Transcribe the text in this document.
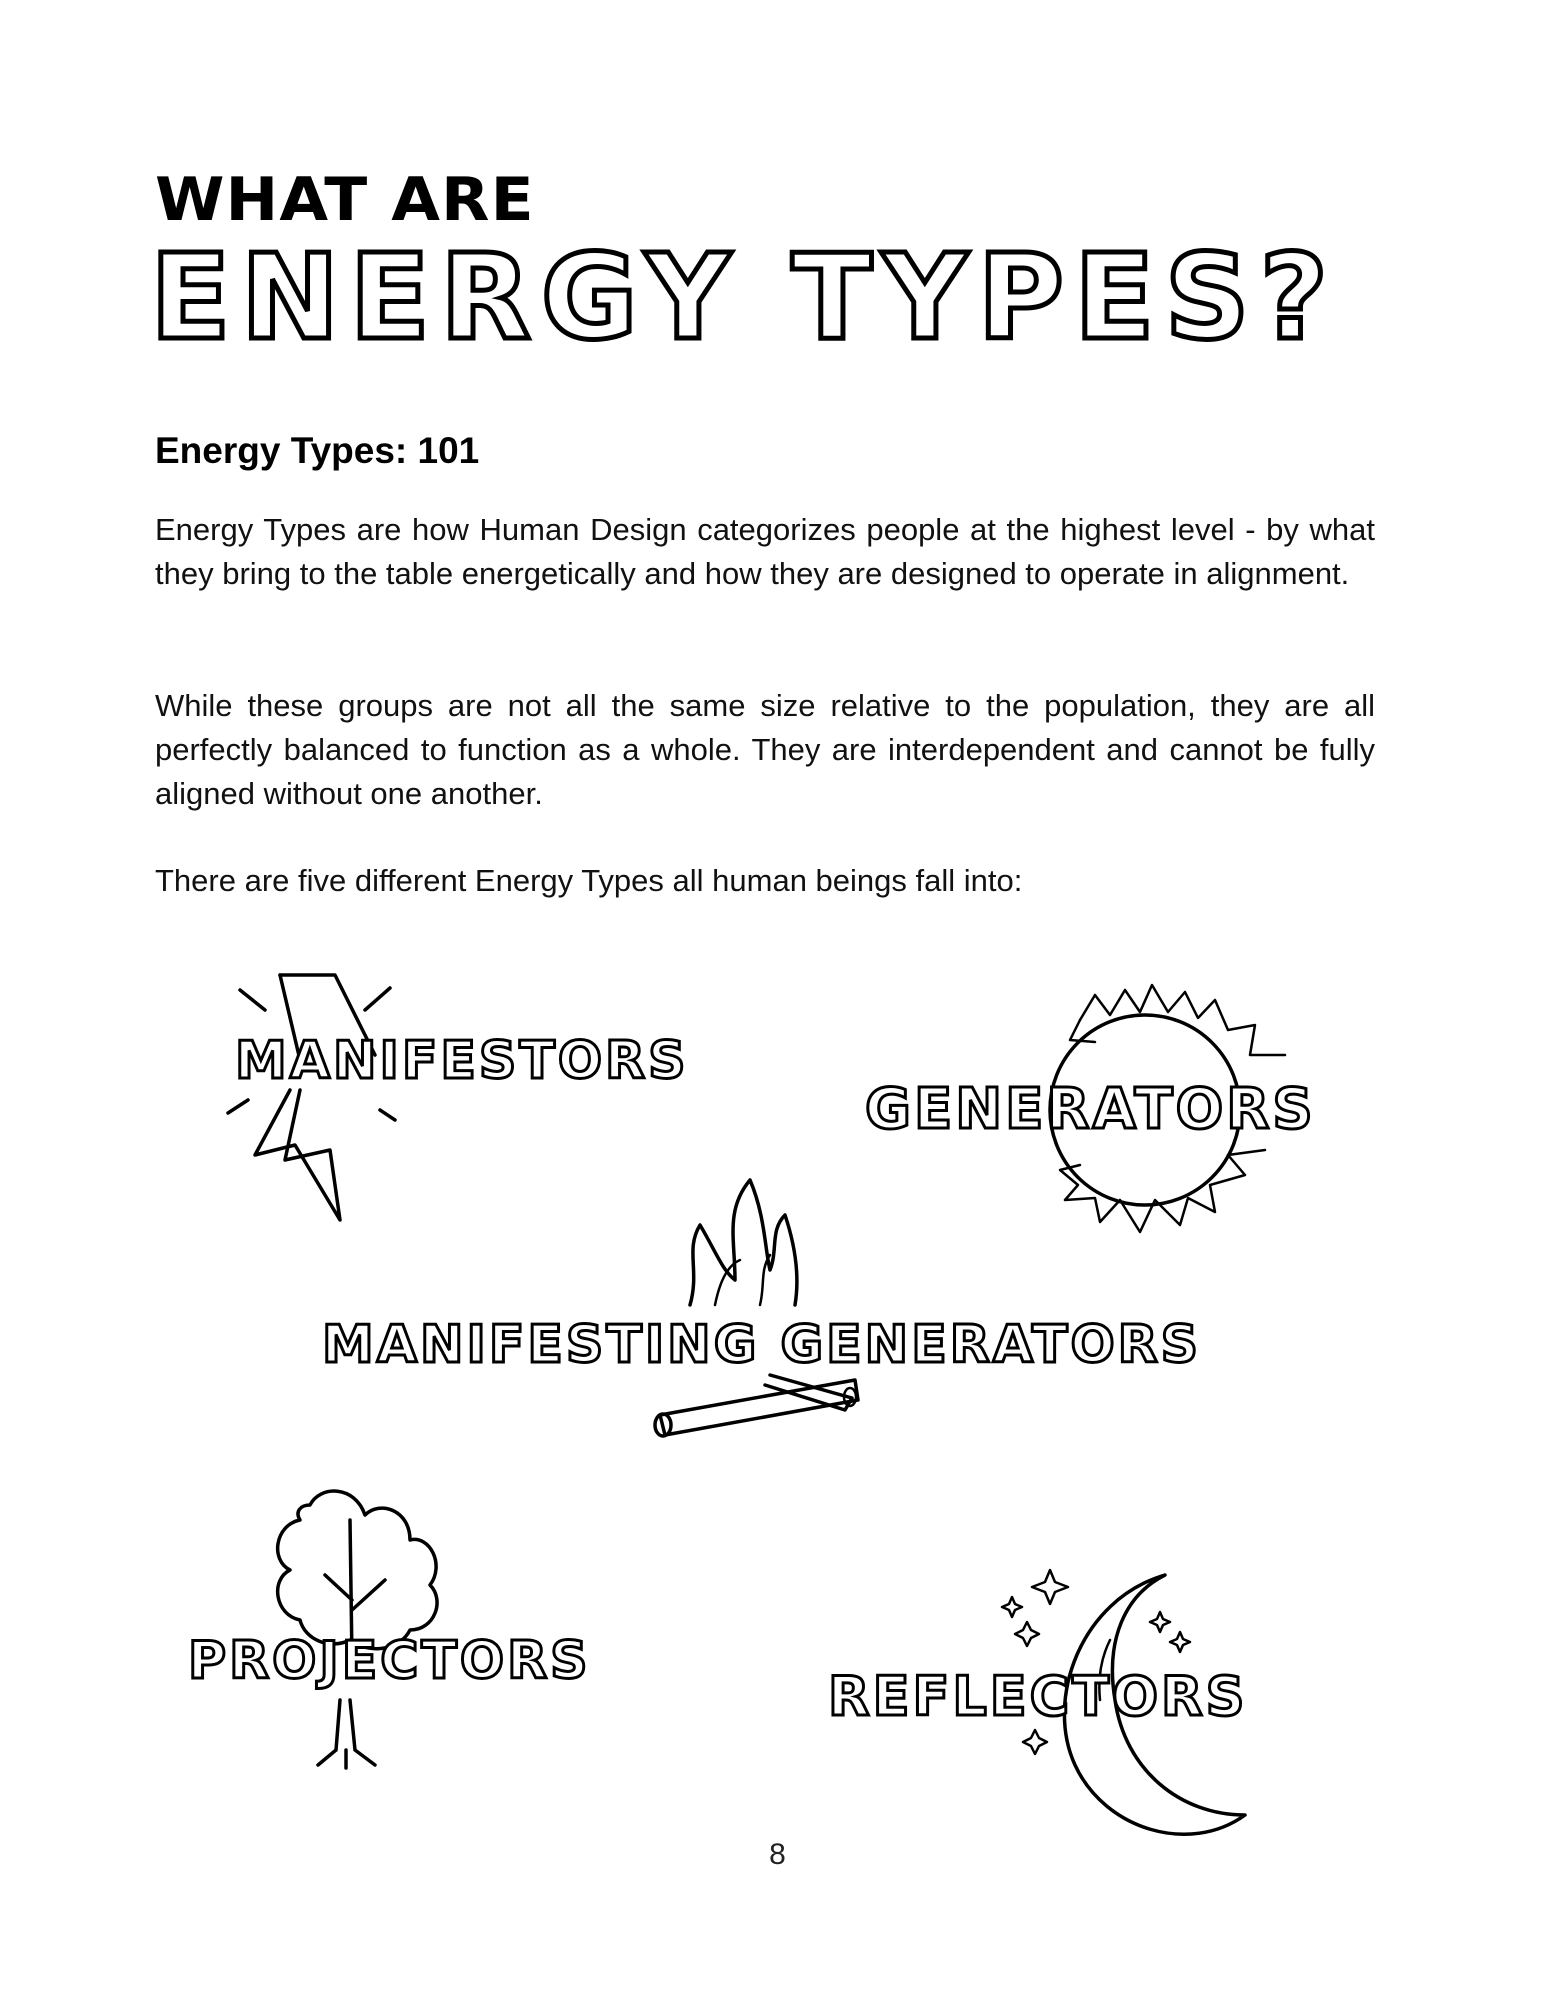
WHAT ARE
ENERGY TYPES?
Energy Types: 101

Energy Types are how Human Design categorizes people at the highest level - by what they bring to the table energetically and how they are designed to operate in alignment.

While these groups are not all the same size relative to the population, they are all perfectly balanced to function as a whole. They are interdependent and cannot be fully aligned without one another.

There are five different Energy Types all human beings fall into:

MANIFESTORS
GENERATORS
MANIFESTING GENERATORS
PROJECTORS
REFLECTORS
8
